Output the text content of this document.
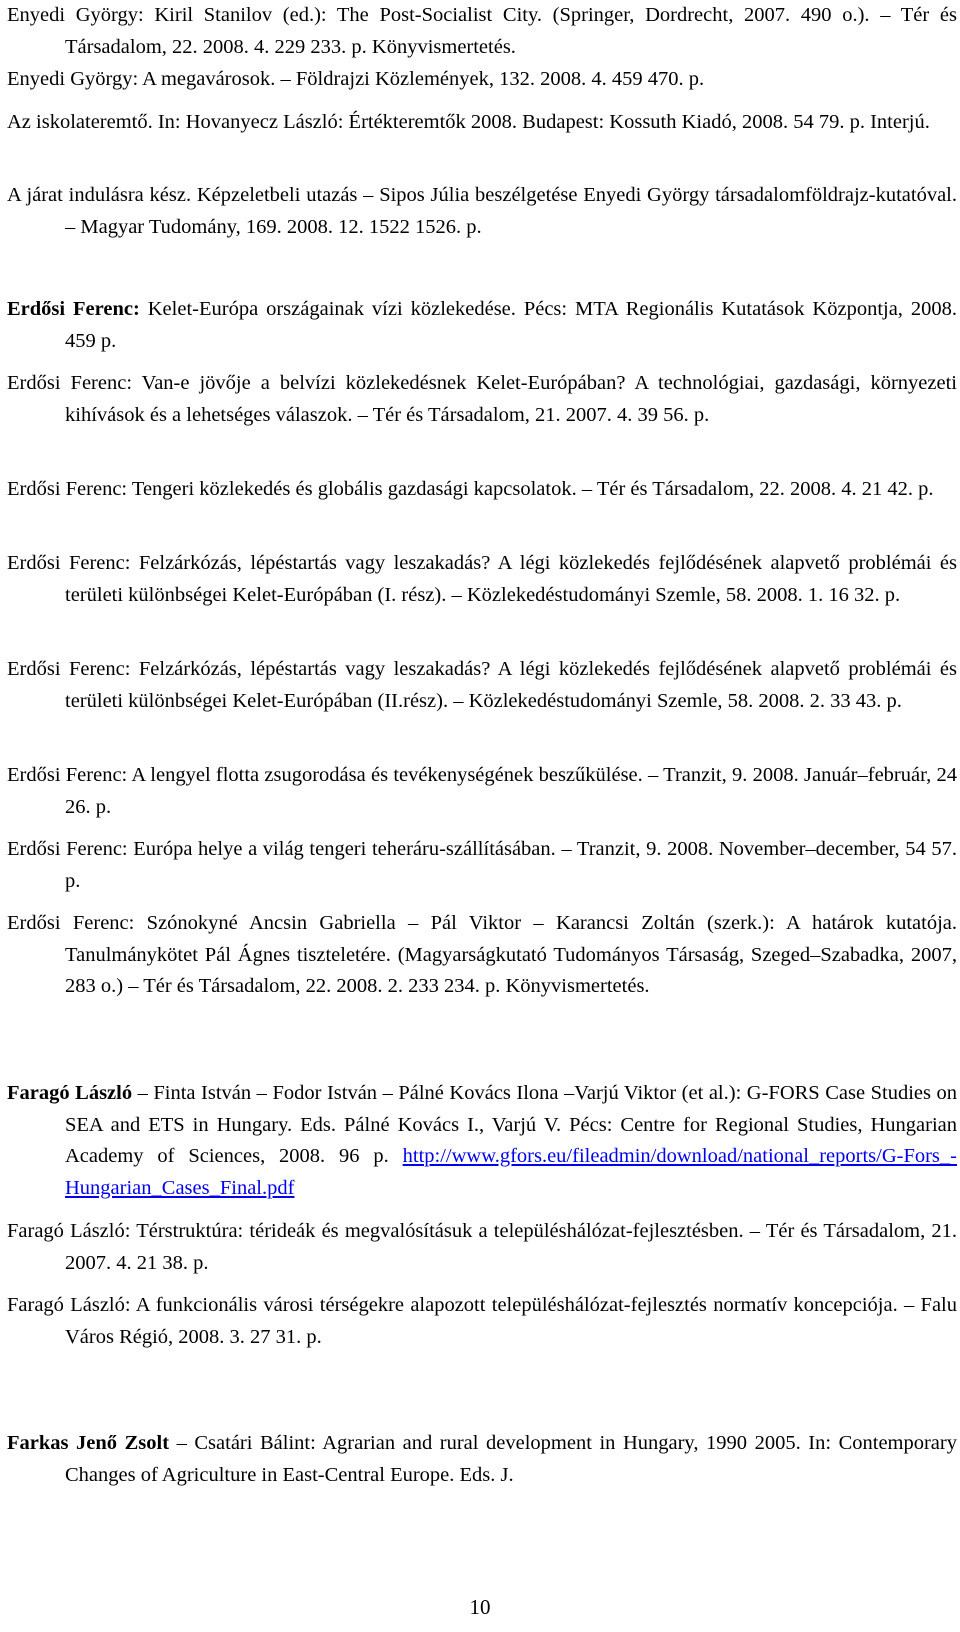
Enyedi György: Kiril Stanilov (ed.): The Post-Socialist City. (Springer, Dordrecht, 2007. 490 o.). – Tér és Társadalom, 22. 2008. 4. 229 233. p. Könyvismertetés.

Enyedi György: A megavárosok. – Földrajzi Közlemények, 132. 2008. 4. 459 470. p.

Az iskolateremtő. In: Hovanyecz László: Értékteremtők 2008. Budapest: Kossuth Kiadó, 2008. 54 79. p. Interjú.

A járat indulásra kész. Képzeletbeli utazás – Sipos Júlia beszélgetése Enyedi György társadalomföldrajz-kutatóval. – Magyar Tudomány, 169. 2008. 12. 1522 1526. p.

Erdősi Ferenc: Kelet-Európa országainak vízi közlekedése. Pécs: MTA Regionális Kutatások Központja, 2008. 459 p.

Erdősi Ferenc: Van-e jövője a belvízi közlekedésnek Kelet-Európában? A technológiai, gazdasági, környezeti kihívások és a lehetséges válaszok. – Tér és Társadalom, 21. 2007. 4. 39 56. p.

Erdősi Ferenc: Tengeri közlekedés és globális gazdasági kapcsolatok. – Tér és Társadalom, 22. 2008. 4. 21 42. p.

Erdősi Ferenc: Felzárkózás, lépéstartás vagy leszakadás? A légi közlekedés fejlődésének alapvető problémái és területi különbségei Kelet-Európában (I. rész). – Közlekedéstudományi Szemle, 58. 2008. 1. 16 32. p.

Erdősi Ferenc: Felzárkózás, lépéstartás vagy leszakadás? A légi közlekedés fejlődésének alapvető problémái és területi különbségei Kelet-Európában (II.rész). – Közlekedéstudományi Szemle, 58. 2008. 2. 33 43. p.

Erdősi Ferenc: A lengyel flotta zsugorodása és tevékenységének beszűkülése. – Tranzit, 9. 2008. Január–február, 24 26. p.

Erdősi Ferenc: Európa helye a világ tengeri teheráru-szállításában. – Tranzit, 9. 2008. November–december, 54 57. p.

Erdősi Ferenc: Szónokyné Ancsin Gabriella – Pál Viktor – Karancsi Zoltán (szerk.): A határok kutatója. Tanulmánykötet Pál Ágnes tiszteletére. (Magyarságkutató Tudományos Társaság, Szeged–Szabadka, 2007, 283 o.) – Tér és Társadalom, 22. 2008. 2. 233 234. p. Könyvismertetés.

Faragó László – Finta István – Fodor István – Pálné Kovács Ilona –Varjú Viktor (et al.): G-FORS Case Studies on SEA and ETS in Hungary. Eds. Pálné Kovács I., Varjú V. Pécs: Centre for Regional Studies, Hungarian Academy of Sciences, 2008. 96 p. http://www.gfors.eu/fileadmin/download/national_reports/G-Fors_-Hungarian_Cases_Final.pdf

Faragó László: Térstruktúra: térideák és megvalósításuk a településhálózat-fejlesztésben. – Tér és Társadalom, 21. 2007. 4. 21 38. p.

Faragó László: A funkcionális városi térségekre alapozott településhálózat-fejlesztés normatív koncepciója. – Falu Város Régió, 2008. 3. 27 31. p.

Farkas Jenő Zsolt – Csatári Bálint: Agrarian and rural development in Hungary, 1990 2005. In: Contemporary Changes of Agriculture in East-Central Europe. Eds. J.

10
